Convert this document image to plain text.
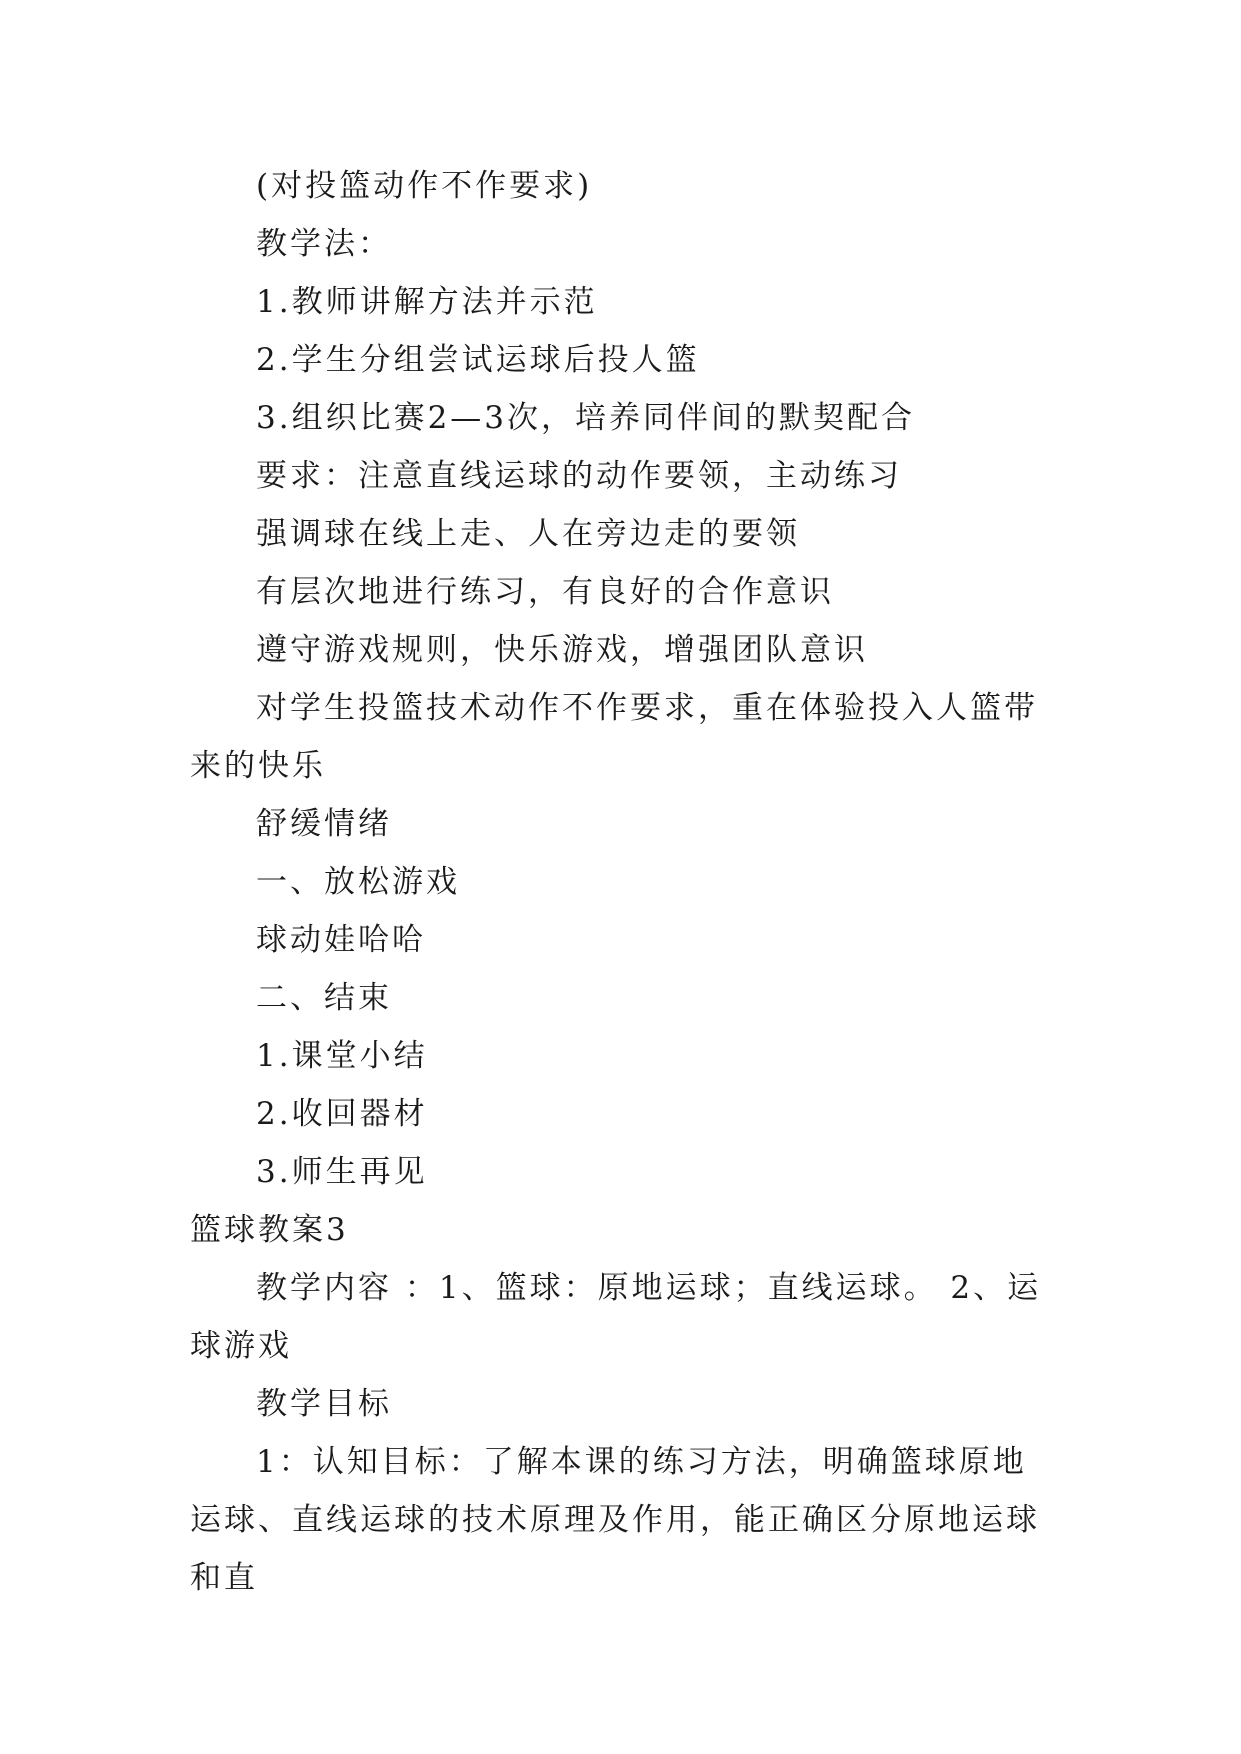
(对投篮动作不作要求)

教学法：

1.教师讲解方法并示范

2.学生分组尝试运球后投人篮

3.组织比赛2—3次，培养同伴间的默契配合

要求：注意直线运球的动作要领，主动练习

强调球在线上走、人在旁边走的要领

有层次地进行练习，有良好的合作意识

遵守游戏规则，快乐游戏，增强团队意识

对学生投篮技术动作不作要求，重在体验投入人篮带来的快乐

舒缓情绪

一、放松游戏

球动娃哈哈

二、结束

1.课堂小结

2.收回器材

3.师生再见

篮球教案3

教学内容 ：1、篮球：原地运球；直线运球。 2、运球游戏

教学目标

1：认知目标：了解本课的练习方法，明确篮球原地运球、直线运球的技术原理及作用，能正确区分原地运球和直
